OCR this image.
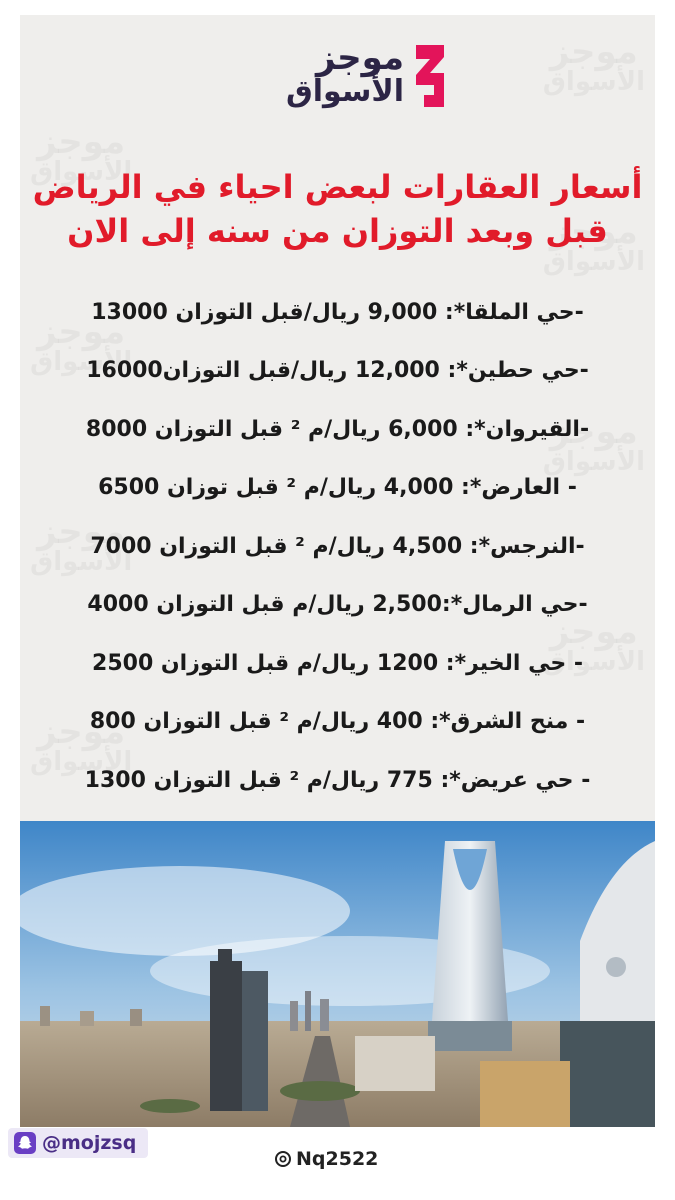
موجز
الأسواق
أسعار العقارات لبعض احياء في الرياض
قبل وبعد التوزان من سنه إلى الان
-حي الملقا*: 9,000 ريال/قبل التوزان 13000
-حي حطين*: 12,000 ريال/قبل التوزان16000
-القيروان*: 6,000 ريال/م ² قبل التوزان 8000
- العارض*: 4,000 ريال/م ² قبل توزان 6500
-النرجس*: 4,500 ريال/م ² قبل التوزان 7000
-حي الرمال*:2,500 ريال/م قبل التوزان 4000
- حي الخير*: 1200 ريال/م قبل التوزان 2500
- منح الشرق*: 400 ريال/م ² قبل التوزان 800
- حي عريض*: 775 ريال/م ² قبل التوزان 1300
@mojzsq
Nq2522
